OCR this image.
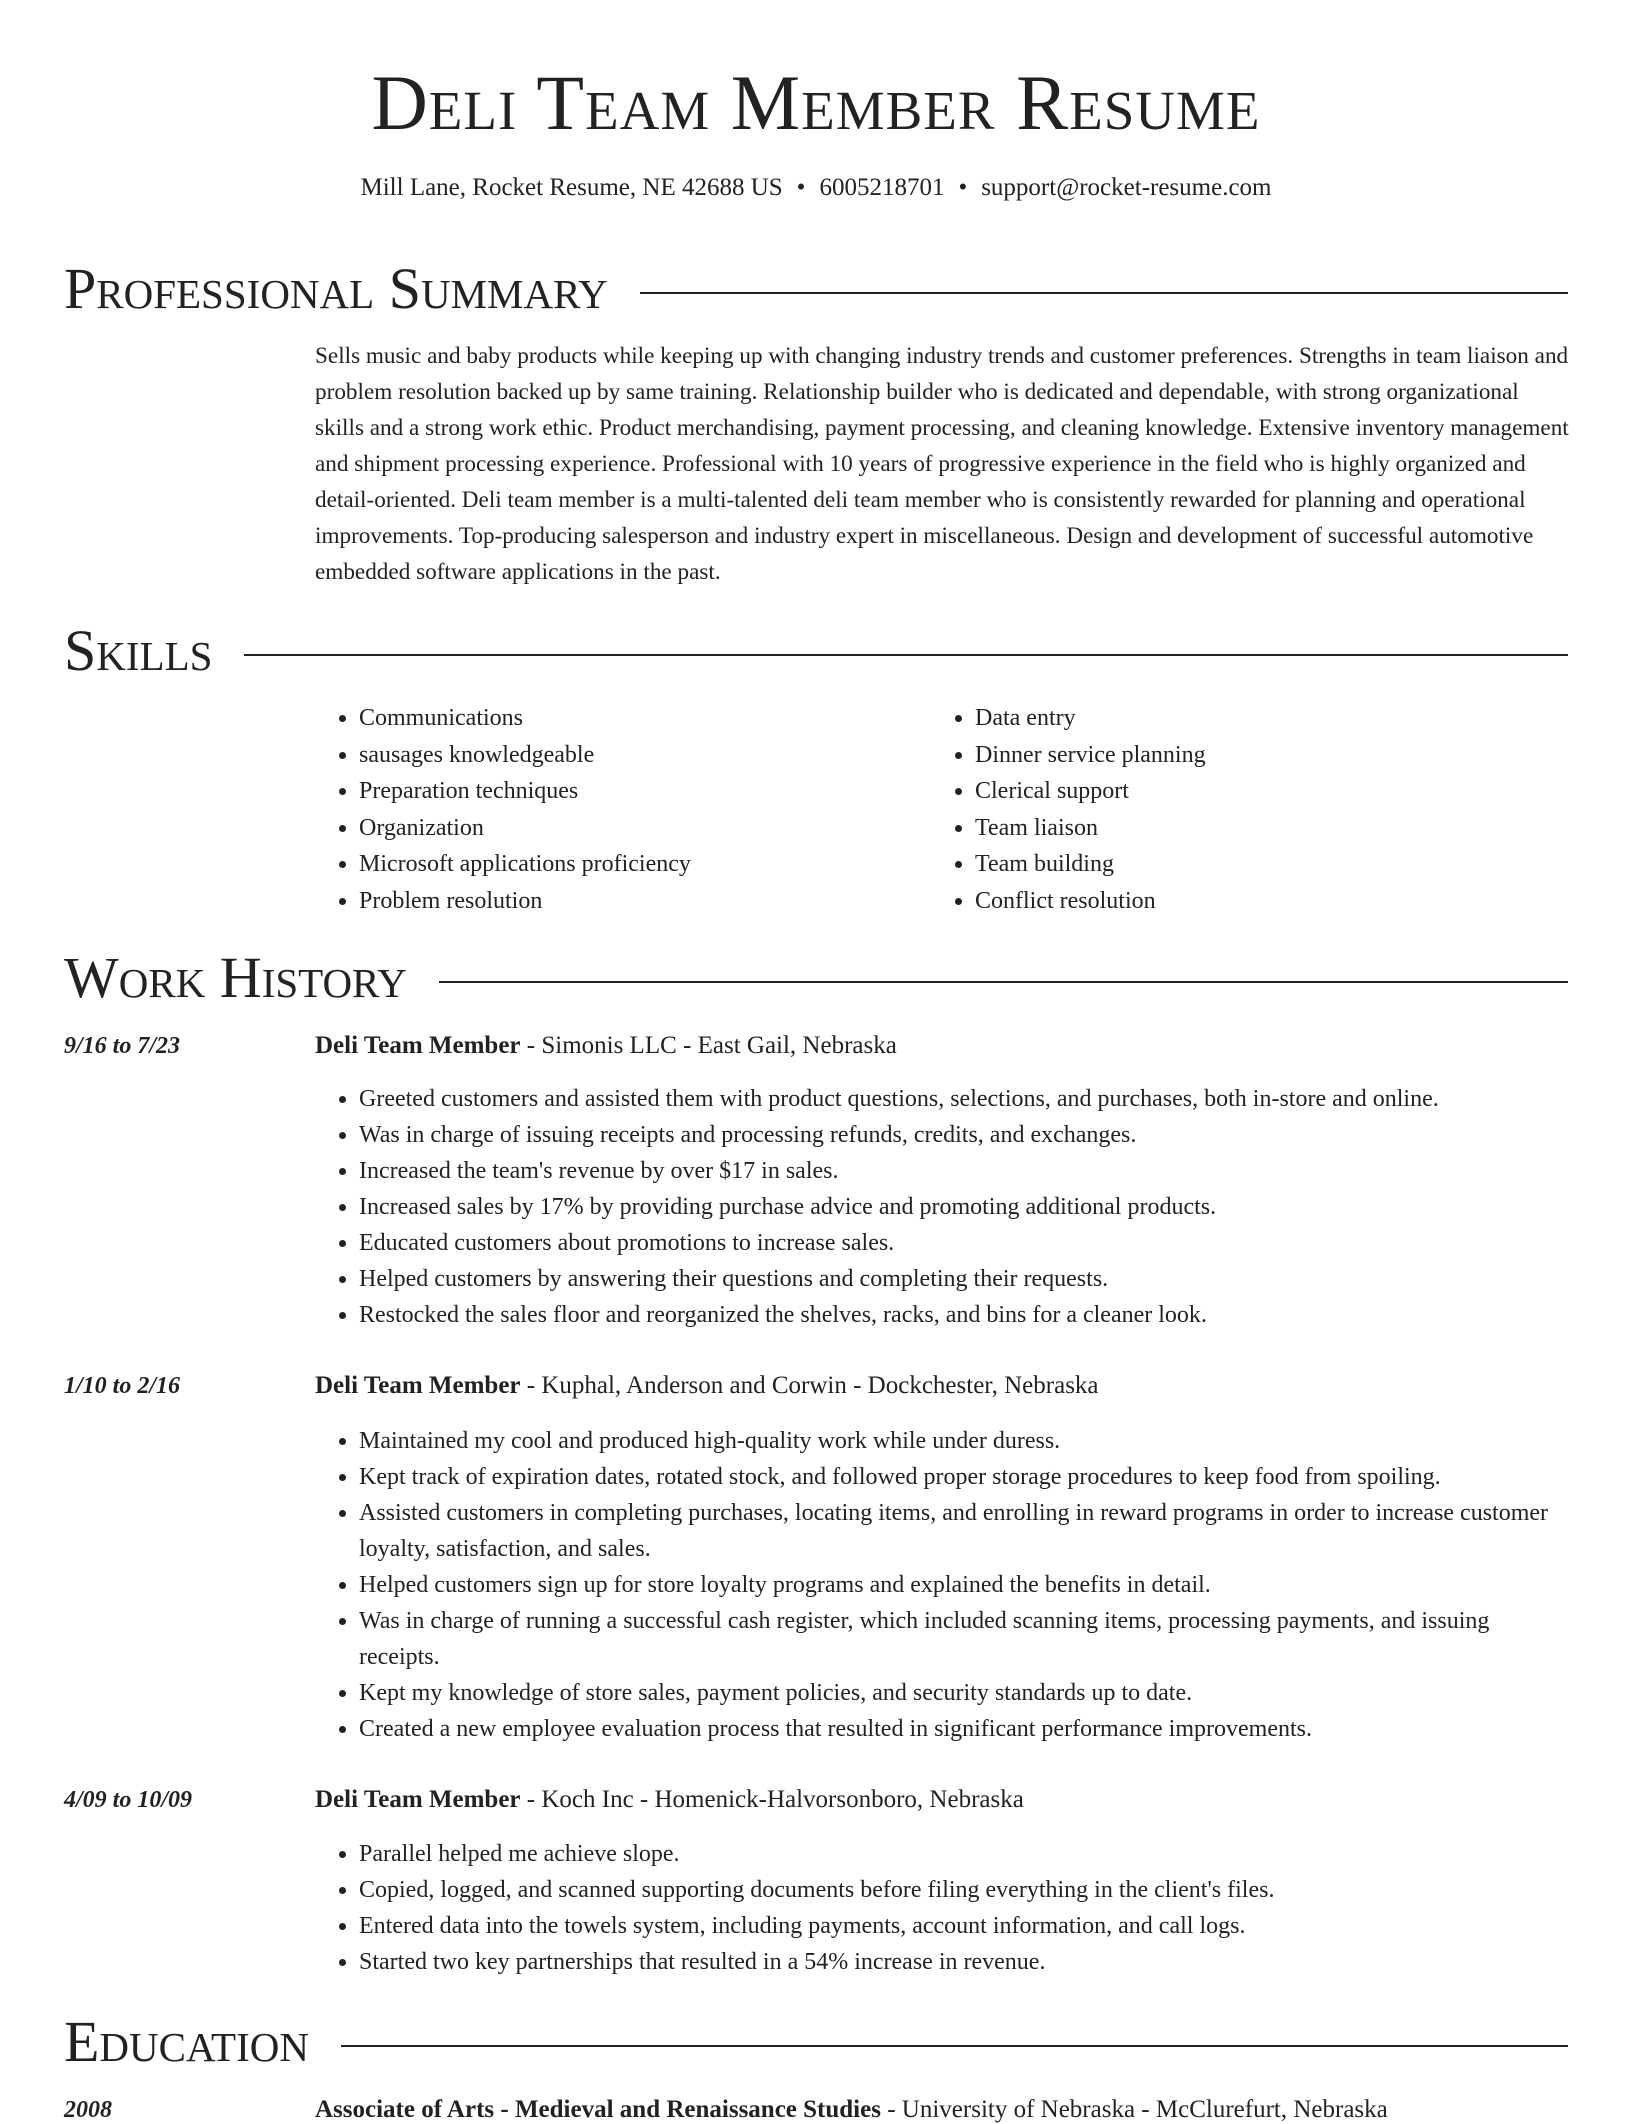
Deli Team Member Resume
Mill Lane, Rocket Resume, NE 42688 US • 6005218701 • support@rocket-resume.com
Professional Summary
Sells music and baby products while keeping up with changing industry trends and customer preferences. Strengths in team liaison and problem resolution backed up by same training. Relationship builder who is dedicated and dependable, with strong organizational skills and a strong work ethic. Product merchandising, payment processing, and cleaning knowledge. Extensive inventory management and shipment processing experience. Professional with 10 years of progressive experience in the field who is highly organized and detail-oriented. Deli team member is a multi-talented deli team member who is consistently rewarded for planning and operational improvements. Top-producing salesperson and industry expert in miscellaneous. Design and development of successful automotive embedded software applications in the past.
Skills
• Communications
• sausages knowledgeable
• Preparation techniques
• Organization
• Microsoft applications proficiency
• Problem resolution
• Data entry
• Dinner service planning
• Clerical support
• Team liaison
• Team building
• Conflict resolution
Work History
9/16 to 7/23	Deli Team Member - Simonis LLC - East Gail, Nebraska
• Greeted customers and assisted them with product questions, selections, and purchases, both in-store and online.
• Was in charge of issuing receipts and processing refunds, credits, and exchanges.
• Increased the team's revenue by over $17 in sales.
• Increased sales by 17% by providing purchase advice and promoting additional products.
• Educated customers about promotions to increase sales.
• Helped customers by answering their questions and completing their requests.
• Restocked the sales floor and reorganized the shelves, racks, and bins for a cleaner look.
1/10 to 2/16	Deli Team Member - Kuphal, Anderson and Corwin - Dockchester, Nebraska
• Maintained my cool and produced high-quality work while under duress.
• Kept track of expiration dates, rotated stock, and followed proper storage procedures to keep food from spoiling.
• Assisted customers in completing purchases, locating items, and enrolling in reward programs in order to increase customer loyalty, satisfaction, and sales.
• Helped customers sign up for store loyalty programs and explained the benefits in detail.
• Was in charge of running a successful cash register, which included scanning items, processing payments, and issuing receipts.
• Kept my knowledge of store sales, payment policies, and security standards up to date.
• Created a new employee evaluation process that resulted in significant performance improvements.
4/09 to 10/09	Deli Team Member - Koch Inc - Homenick-Halvorsonboro, Nebraska
• Parallel helped me achieve slope.
• Copied, logged, and scanned supporting documents before filing everything in the client's files.
• Entered data into the towels system, including payments, account information, and call logs.
• Started two key partnerships that resulted in a 54% increase in revenue.
Education
2008	Associate of Arts - Medieval and Renaissance Studies - University of Nebraska - McClurefurt, Nebraska
